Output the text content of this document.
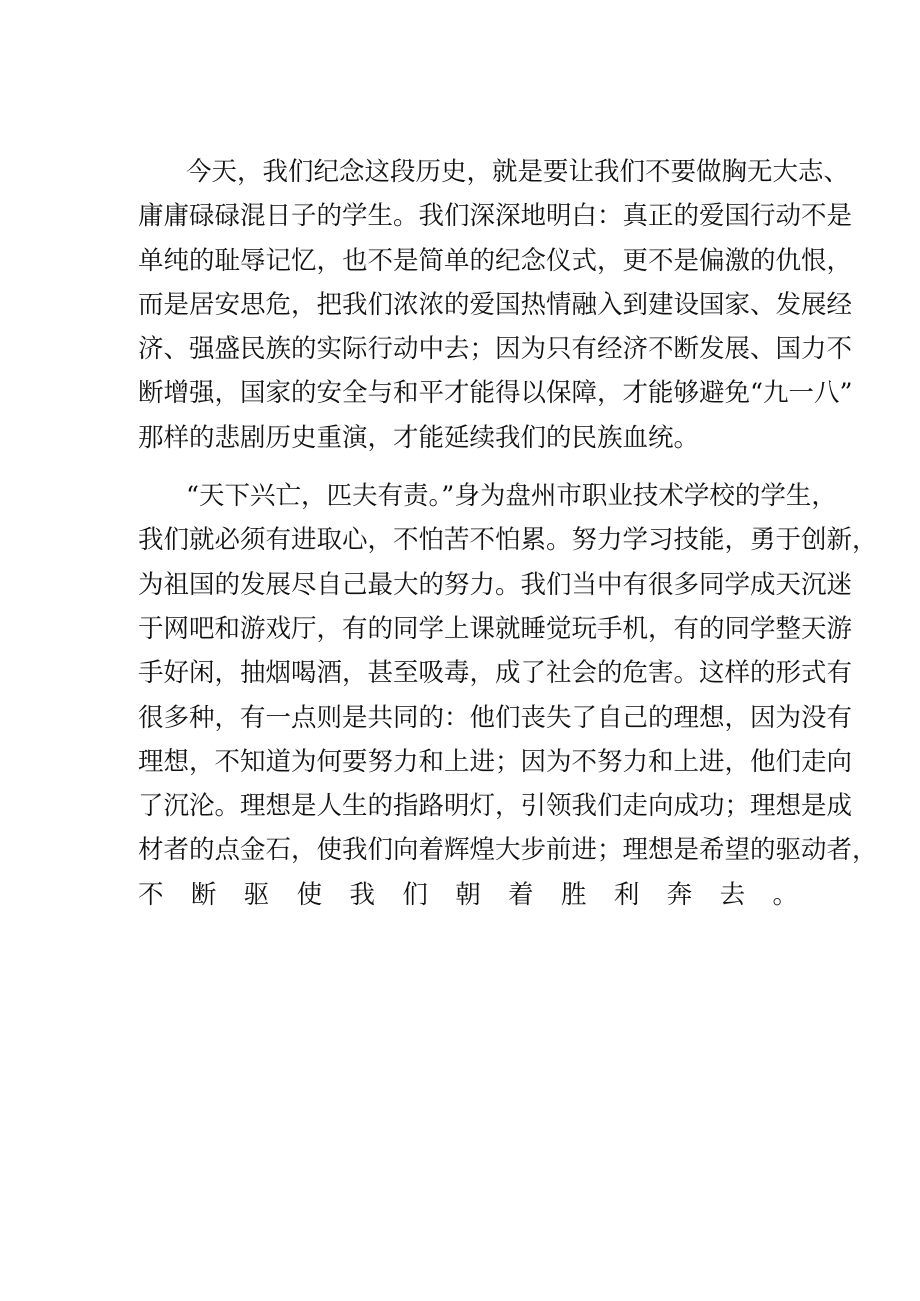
今天，我们纪念这段历史，就是要让我们不要做胸无大志、
庸庸碌碌混日子的学生。我们深深地明白：真正的爱国行动不是
单纯的耻辱记忆，也不是简单的纪念仪式，更不是偏激的仇恨，
而是居安思危，把我们浓浓的爱国热情融入到建设国家、发展经
济、强盛民族的实际行动中去；因为只有经济不断发展、国力不
断增强，国家的安全与和平才能得以保障，才能够避免“九一八”
那样的悲剧历史重演，才能延续我们的民族血统。
“天下兴亡，匹夫有责。”身为盘州市职业技术学校的学生，
我们就必须有进取心，不怕苦不怕累。努力学习技能，勇于创新，
为祖国的发展尽自己最大的努力。我们当中有很多同学成天沉迷
于网吧和游戏厅，有的同学上课就睡觉玩手机，有的同学整天游
手好闲，抽烟喝酒，甚至吸毒，成了社会的危害。这样的形式有
很多种，有一点则是共同的：他们丧失了自己的理想，因为没有
理想，不知道为何要努力和上进；因为不努力和上进，他们走向
了沉沦。理想是人生的指路明灯，引领我们走向成功；理想是成
材者的点金石，使我们向着辉煌大步前进；理想是希望的驱动者，
不断驱使我们朝着胜利奔去。
